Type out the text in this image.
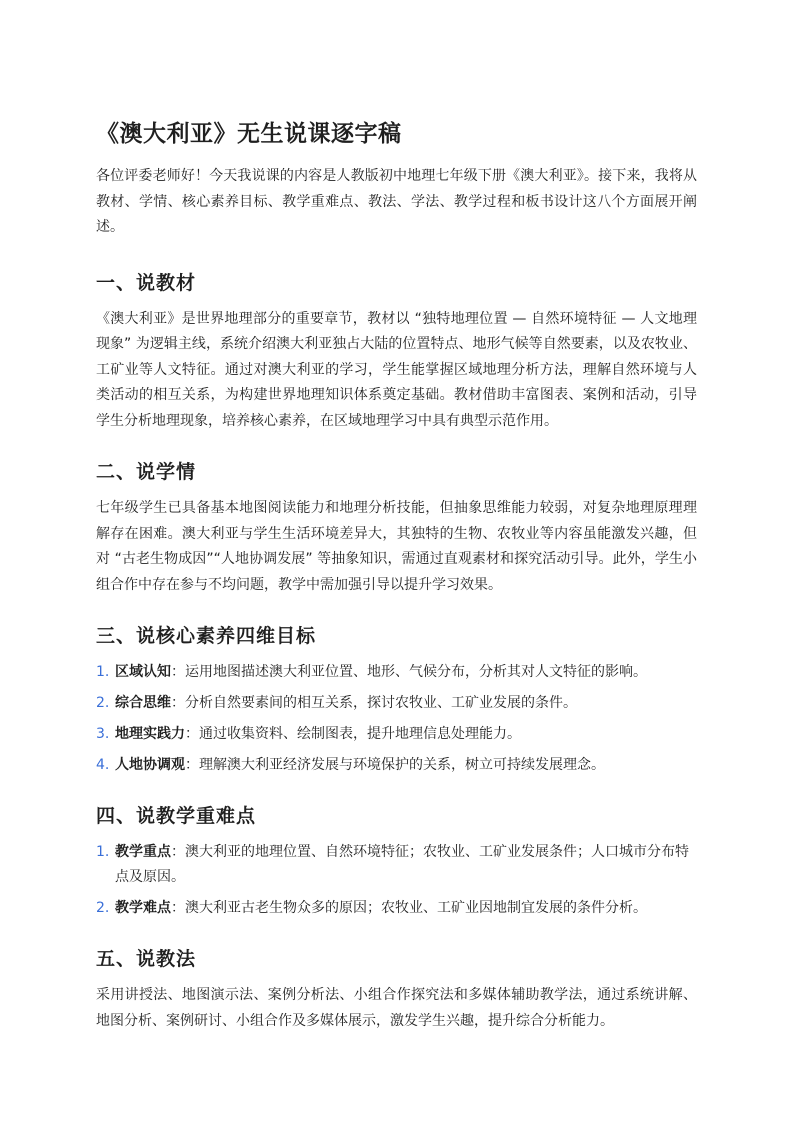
《澳大利亚》无生说课逐字稿

各位评委老师好！今天我说课的内容是人教版初中地理七年级下册《澳大利亚》。接下来，我将从教材、学情、核心素养目标、教学重难点、教法、学法、教学过程和板书设计这八个方面展开阐述。

一、说教材

《澳大利亚》是世界地理部分的重要章节，教材以 “独特地理位置 — 自然环境特征 — 人文地理现象” 为逻辑主线，系统介绍澳大利亚独占大陆的位置特点、地形气候等自然要素，以及农牧业、工矿业等人文特征。通过对澳大利亚的学习，学生能掌握区域地理分析方法，理解自然环境与人类活动的相互关系，为构建世界地理知识体系奠定基础。教材借助丰富图表、案例和活动，引导学生分析地理现象，培养核心素养，在区域地理学习中具有典型示范作用。

二、说学情

七年级学生已具备基本地图阅读能力和地理分析技能，但抽象思维能力较弱，对复杂地理原理理解存在困难。澳大利亚与学生生活环境差异大，其独特的生物、农牧业等内容虽能激发兴趣，但对 “古老生物成因”“人地协调发展” 等抽象知识，需通过直观素材和探究活动引导。此外，学生小组合作中存在参与不均问题，教学中需加强引导以提升学习效果。

三、说核心素养四维目标
1. 区域认知：运用地图描述澳大利亚位置、地形、气候分布，分析其对人文特征的影响。
2. 综合思维：分析自然要素间的相互关系，探讨农牧业、工矿业发展的条件。
3. 地理实践力：通过收集资料、绘制图表，提升地理信息处理能力。
4. 人地协调观：理解澳大利亚经济发展与环境保护的关系，树立可持续发展理念。
四、说教学重难点
1. 教学重点：澳大利亚的地理位置、自然环境特征；农牧业、工矿业发展条件；人口城市分布特点及原因。
2. 教学难点：澳大利亚古老生物众多的原因；农牧业、工矿业因地制宜发展的条件分析。
五、说教法

采用讲授法、地图演示法、案例分析法、小组合作探究法和多媒体辅助教学法，通过系统讲解、地图分析、案例研讨、小组合作及多媒体展示，激发学生兴趣，提升综合分析能力。
